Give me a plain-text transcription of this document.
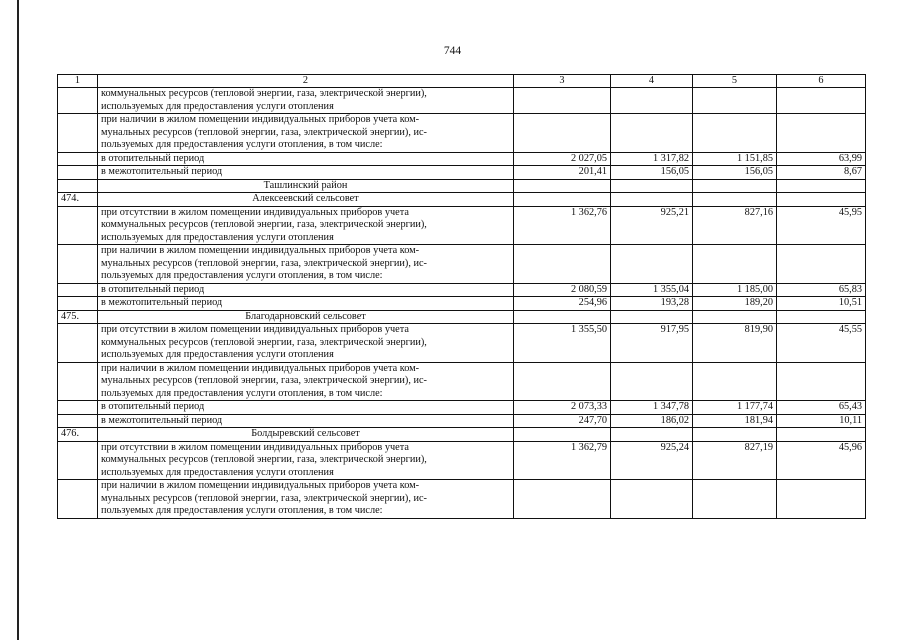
744
1	2	3	4	5	6
	коммунальных ресурсов (тепловой энергии, газа, электрической энергии),
используемых для предоставления услуги отопления				
	при наличии в жилом помещении индивидуальных приборов учета ком-
мунальных ресурсов (тепловой энергии, газа, электрической энергии), ис-
пользуемых для предоставления услуги отопления, в том числе:				
	в отопительный период	2 027,05	1 317,82	1 151,85	63,99
	в межотопительный период	201,41	156,05	156,05	8,67
	Ташлинский район				
474.	Алексеевский сельсовет				
	при отсутствии в жилом помещении индивидуальных приборов учета
коммунальных ресурсов (тепловой энергии, газа, электрической энергии),
используемых для предоставления услуги отопления	1 362,76	925,21	827,16	45,95
	при наличии в жилом помещении индивидуальных приборов учета ком-
мунальных ресурсов (тепловой энергии, газа, электрической энергии), ис-
пользуемых для предоставления услуги отопления, в том числе:				
	в отопительный период	2 080,59	1 355,04	1 185,00	65,83
	в межотопительный период	254,96	193,28	189,20	10,51
475.	Благодарновский сельсовет				
	при отсутствии в жилом помещении индивидуальных приборов учета
коммунальных ресурсов (тепловой энергии, газа, электрической энергии),
используемых для предоставления услуги отопления	1 355,50	917,95	819,90	45,55
	при наличии в жилом помещении индивидуальных приборов учета ком-
мунальных ресурсов (тепловой энергии, газа, электрической энергии), ис-
пользуемых для предоставления услуги отопления, в том числе:				
	в отопительный период	2 073,33	1 347,78	1 177,74	65,43
	в межотопительный период	247,70	186,02	181,94	10,11
476.	Болдыревский сельсовет				
	при отсутствии в жилом помещении индивидуальных приборов учета
коммунальных ресурсов (тепловой энергии, газа, электрической энергии),
используемых для предоставления услуги отопления	1 362,79	925,24	827,19	45,96
	при наличии в жилом помещении индивидуальных приборов учета ком-
мунальных ресурсов (тепловой энергии, газа, электрической энергии), ис-
пользуемых для предоставления услуги отопления, в том числе:				
